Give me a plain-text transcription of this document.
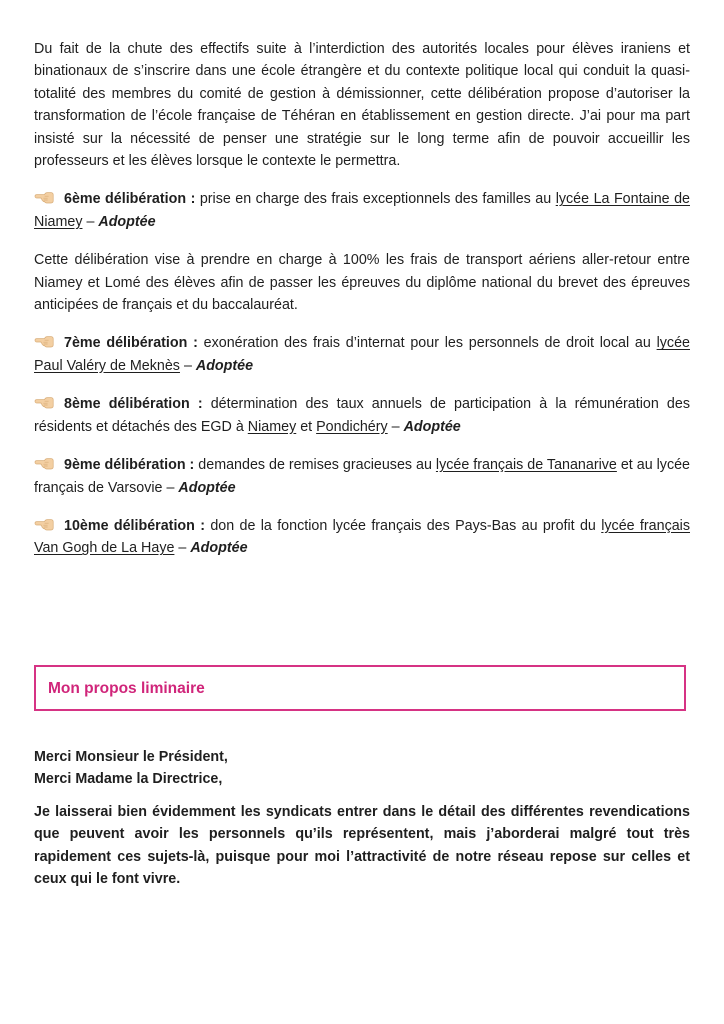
Du fait de la chute des effectifs suite à l’interdiction des autorités locales pour élèves iraniens et binationaux de s’inscrire dans une école étrangère et du contexte politique local qui conduit la quasi-totalité des membres du comité de gestion à démissionner, cette délibération propose d’autoriser la transformation de l’école française de Téhéran en établissement en gestion directe. J’ai pour ma part insisté sur la nécessité de penser une stratégie sur le long terme afin de pouvoir accueillir les professeurs et les élèves lorsque le contexte le permettra.

6ème délibération : prise en charge des frais exceptionnels des familles au lycée La Fontaine de Niamey – Adoptée

Cette délibération vise à prendre en charge à 100% les frais de transport aériens aller-retour entre Niamey et Lomé des élèves afin de passer les épreuves du diplôme national du brevet des épreuves anticipées de français et du baccalauréat.

7ème délibération : exonération des frais d’internat pour les personnels de droit local au lycée Paul Valéry de Meknès – Adoptée

8ème délibération : détermination des taux annuels de participation à la rémunération des résidents et détachés des EGD à Niamey et Pondichéry – Adoptée

9ème délibération : demandes de remises gracieuses au lycée français de Tananarive et au lycée français de Varsovie – Adoptée

10ème délibération : don de la fonction lycée français des Pays-Bas au profit du lycée français Van Gogh de La Haye – Adoptée

Mon propos liminaire

Merci Monsieur le Président,

Merci Madame la Directrice,

Je laisserai bien évidemment les syndicats entrer dans le détail des différentes revendications que peuvent avoir les personnels qu’ils représentent, mais j’aborderai malgré tout très rapidement ces sujets-là, puisque pour moi l’attractivité de notre réseau repose sur celles et ceux qui le font vivre.
